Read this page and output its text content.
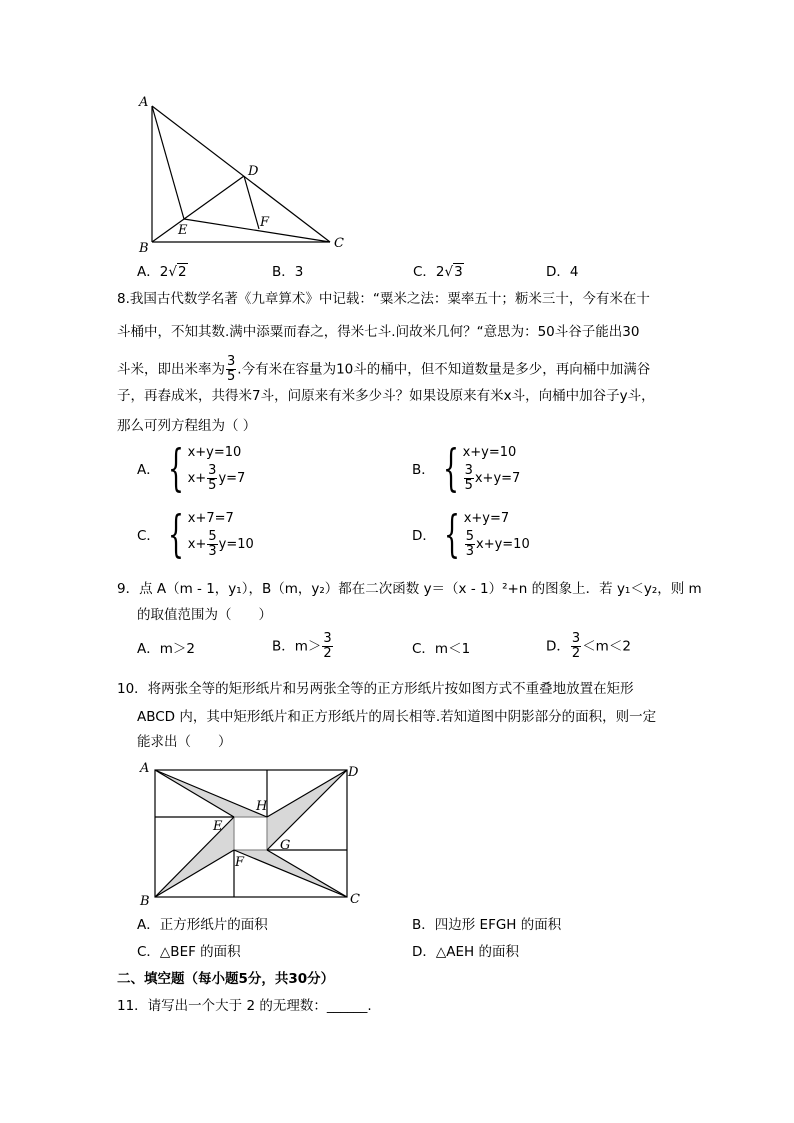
A
B	C
D
E
F
A．2√2	B．3	C．2√3	D．4
8.我国古代数学名著《九章算术》中记载：“粟米之法：粟率五十；粝米三十，今有米在十
斗桶中，不知其数.满中添粟而舂之，得米七斗.问故米几何？“意思为：50斗谷子能出30
斗米，即出米率为 $\frac{3}{5}$ .今有米在容量为10斗的桶中，但不知道数量是多少，再向桶中加满谷
子，再舂成米，共得米7斗，问原来有米多少斗？如果设原来有米x斗，向桶中加谷子y斗，
那么可列方程组为（ ）
A． { x+y=10
$x+ \frac{3}{5} y=7$
B． { x+y=10
$\frac{3}{5} x+y=7$
C． { x+7=7
$x+ \frac{5}{3} y=10$
D． { x+y=7
$\frac{5}{3} x+y=10$
9．点 A（m - 1，y₁），B（m，y₂）都在二次函数 y＝（x - 1）²+n 的图象上．若 y₁＜y₂，则 m
的取值范围为（　　）
A．m＞2	B．$m> \frac{3}{2}$	C．m＜1	D． $\frac{3}{2} <m<2$
10．将两张全等的矩形纸片和另两张全等的正方形纸片按如图方式不重叠地放置在矩形
ABCD 内，其中矩形纸片和正方形纸片的周长相等.若知道图中阴影部分的面积，则一定
能求出（　　）
A
B	C
D
E
F
G
H
A．正方形纸片的面积	B．四边形 EFGH 的面积
C．△BEF 的面积	D．△AEH 的面积
二、填空题（每小题5分，共30分）
11．请写出一个大于 2 的无理数：______.
